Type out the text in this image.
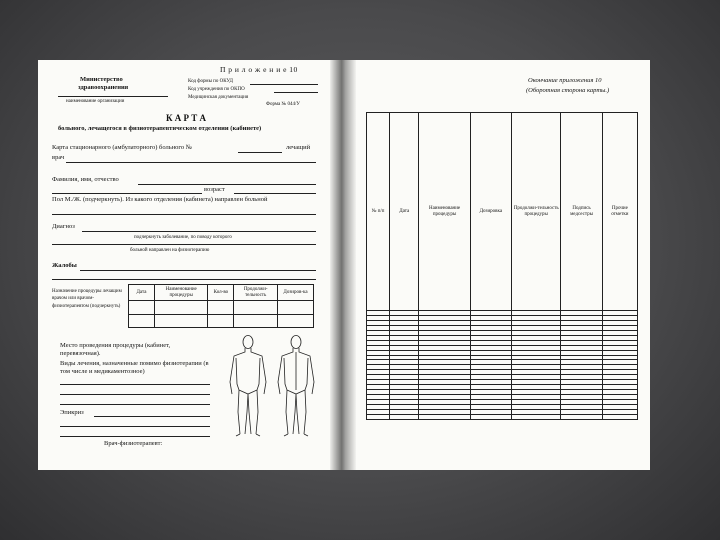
П р и л о ж е н и е 10
Министерство
здравоохранения
наименование организации
Код формы по ОКУД
Код учреждения по ОКПО
Медицинская документация
Форма № 044/У
К А Р Т А
больного, лечащегося в физиотерапевтическом отделении (кабинете)
Карта стационарного (амбулаторного) больного №	лечащий
врач
Фамилия, имя, отчество
возраст
Пол М./Ж. (подчеркнуть). Из какого отделения (кабинета) направлен больной
Диагноз
подчеркнуть заболевание, по поводу которого
больной направлен на физиотерапию
Жалобы
Назначение процедуры лечащим врачом или врачом-физиотерапевтом (подчеркнуть)
Дата	Наименование процедуры	Кол-во	Продолжи-тельность	Дозиров-ка

Место проведения процедуры (кабинет, перевязочная).
Виды лечения, назначенные помимо физиотерапии (в том числе и медикаментозное)
Эпикриз
Врач-физиотерапевт:
Окончание приложения 10
(Оборотная сторона карты.)
№ п/п	Дата	Наименование процедуры	Дозировка	Продолжи-тельность процедуры	Подпись медсестры	Прочие отметки
